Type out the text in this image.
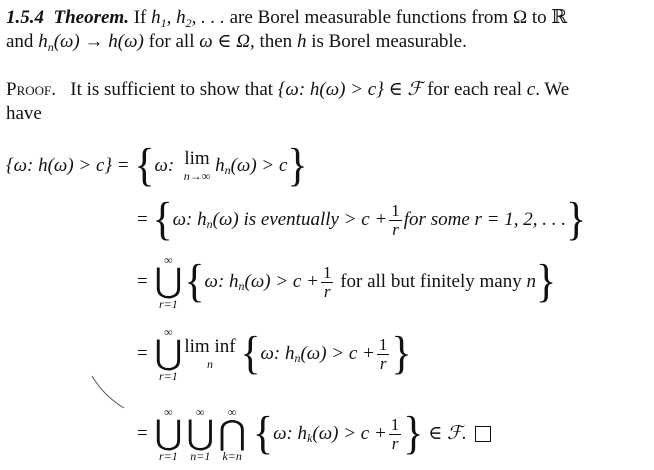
1.5.4 Theorem. If $h_1$, $h_2$, . . . are Borel measurable functions from Ω to ℝ
and $h_n(\omega) \to h(\omega)$ for all ω ∈ Ω, then h is Borel measurable.
Proof. It is sufficient to show that {ω: h(ω) > c} ∈ ℱ for each real c. We
have
{ω: h(ω) > c} =
{ ω: lim
n→∞

h n (ω) > c }
= { ω: h n (ω) is eventually > $c + \frac{1}{r}$ for some r = 1, 2, . . . }
=
∞
⋃
r=1 { ω: h n $(\omega) > c + \frac{1}{r}$
for all but finitely many
n }
=
∞
⋃
r=1
lim inf
n
{ ω: h n $(\omega) > c + \frac{1}{r}$ }
=
∞
⋃
r=1
∞
⋃
n=1
∞
⋂
k=n
{ ω: h k $(\omega) > c + \frac{1}{r}$ }
∈ ℱ.
